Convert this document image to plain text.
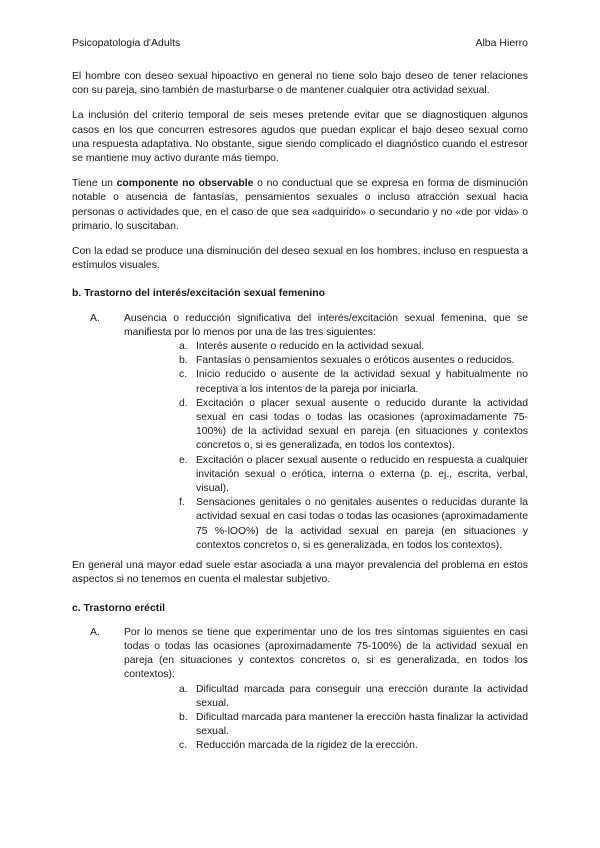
Psicopatologia d'Adults	Alba Hierro

El hombre con deseo sexual hipoactivo en general no tiene solo bajo deseo de tener relaciones con su pareja, sino también de masturbarse o de mantener cualquier otra actividad sexual.

La inclusión del criterio temporal de seis meses pretende evitar que se diagnostiquen algunos casos en los que concurren estresores agudos que puedan explicar el bajo deseo sexual como una respuesta adaptativa. No obstante, sigue siendo complicado el diagnóstico cuando el estresor se mantiene muy activo durante más tiempo.

Tiene un componente no observable o no conductual que se expresa en forma de disminución notable o ausencia de fantasías, pensamientos sexuales o incluso atracción sexual hacia personas o actividades que, en el caso de que sea «adquirido» o secundario y no «de por vida» o primario, lo suscitaban.

Con la edad se produce una disminución del deseo sexual en los hombres, incluso en respuesta a estímulos visuales.

b. Trastorno del interés/excitación sexual femenino
A. Ausencia o reducción significativa del interés/excitación sexual femenina, que se manifiesta por lo menos por una de las tres siguientes:
a. Interés ausente o reducido en la actividad sexual.
b. Fantasías o pensamientos sexuales o eróticos ausentes o reducidos.
c. Inicio reducido o ausente de la actividad sexual y habitualmente no receptiva a los intentos de la pareja por iniciarla.
d. Excitación o placer sexual ausente o reducido durante la actividad sexual en casi todas o todas las ocasiones (aproximadamente 75-100%) de la actividad sexual en pareja (en situaciones y contextos concretos o, si es generalizada, en todos los contextos).
e. Excitación o placer sexual ausente o reducido en respuesta a cualquier invitación sexual o erótica, interna o externa (p. ej., escrita, verbal, visual).
f. Sensaciones genitales o no genitales ausentes o reducidas durante la actividad sexual en casi todas o todas las ocasiones (aproximadamente 75 %-lOO%) de la actividad sexual en pareja (en situaciones y contextos concretos o, si es generalizada, en todos los contextos).

En general una mayor edad suele estar asociada a una mayor prevalencia del problema en estos aspectos si no tenemos en cuenta el malestar subjetivo.

c. Trastorno eréctil
A. Por lo menos se tiene que experimentar uno de los tres síntomas siguientes en casi todas o todas las ocasiones (aproximadamente 75-100%) de la actividad sexual en pareja (en situaciones y contextos concretos o, si es generalizada, en todos los contextos):
a. Dificultad marcada para conseguir una erección durante la actividad sexual.
b. Dificultad marcada para mantener la erección hasta finalizar la actividad sexual.
c. Reducción marcada de la rigidez de la erección.
